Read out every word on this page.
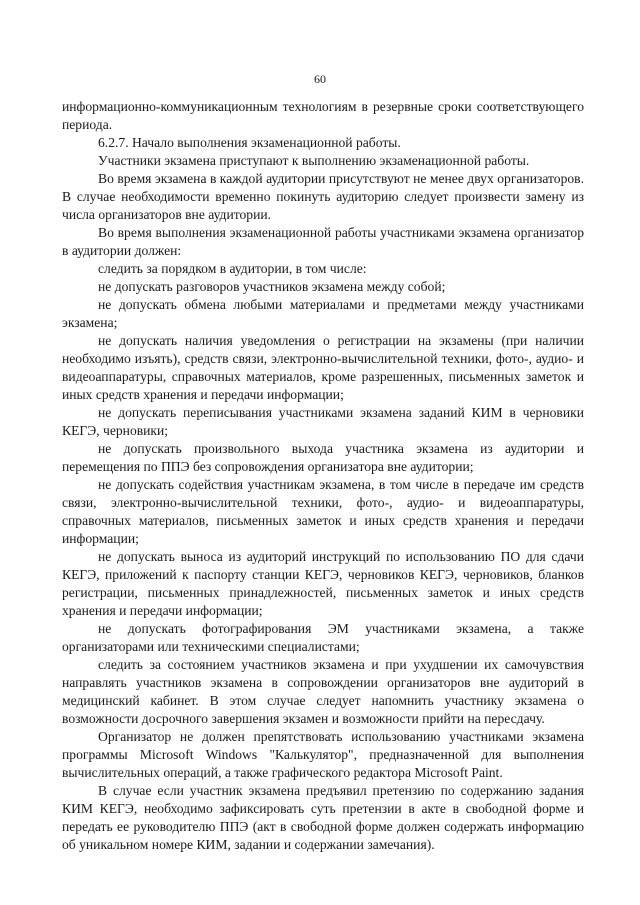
60

информационно-коммуникационным технологиям в резервные сроки соответствующего периода.

6.2.7. Начало выполнения экзаменационной работы.

Участники экзамена приступают к выполнению экзаменационной работы.

Во время экзамена в каждой аудитории присутствуют не менее двух организаторов. В случае необходимости временно покинуть аудиторию следует произвести замену из числа организаторов вне аудитории.

Во время выполнения экзаменационной работы участниками экзамена организатор в аудитории должен:

следить за порядком в аудитории, в том числе:

не допускать разговоров участников экзамена между собой;

не допускать обмена любыми материалами и предметами между участниками экзамена;

не допускать наличия уведомления о регистрации на экзамены (при наличии необходимо изъять), средств связи, электронно-вычислительной техники, фото-, аудио- и видеоаппаратуры, справочных материалов, кроме разрешенных, письменных заметок и иных средств хранения и передачи информации;

не допускать переписывания участниками экзамена заданий КИМ в черновики КЕГЭ, черновики;

не допускать произвольного выхода участника экзамена из аудитории и перемещения по ППЭ без сопровождения организатора вне аудитории;

не допускать содействия участникам экзамена, в том числе в передаче им средств связи, электронно-вычислительной техники, фото-, аудио- и видеоаппаратуры, справочных материалов, письменных заметок и иных средств хранения и передачи информации;

не допускать выноса из аудиторий инструкций по использованию ПО для сдачи КЕГЭ, приложений к паспорту станции КЕГЭ, черновиков КЕГЭ, черновиков, бланков регистрации, письменных принадлежностей, письменных заметок и иных средств хранения и передачи информации;

не допускать фотографирования ЭМ участниками экзамена, а также организаторами или техническими специалистами;

следить за состоянием участников экзамена и при ухудшении их самочувствия направлять участников экзамена в сопровождении организаторов вне аудиторий в медицинский кабинет. В этом случае следует напомнить участнику экзамена о возможности досрочного завершения экзамен и возможности прийти на пересдачу.

Организатор не должен препятствовать использованию участниками экзамена программы Microsoft Windows "Калькулятор", предназначенной для выполнения вычислительных операций, а также графического редактора Microsoft Paint.

В случае если участник экзамена предъявил претензию по содержанию задания КИМ КЕГЭ, необходимо зафиксировать суть претензии в акте в свободной форме и передать ее руководителю ППЭ (акт в свободной форме должен содержать информацию об уникальном номере КИМ, задании и содержании замечания).
